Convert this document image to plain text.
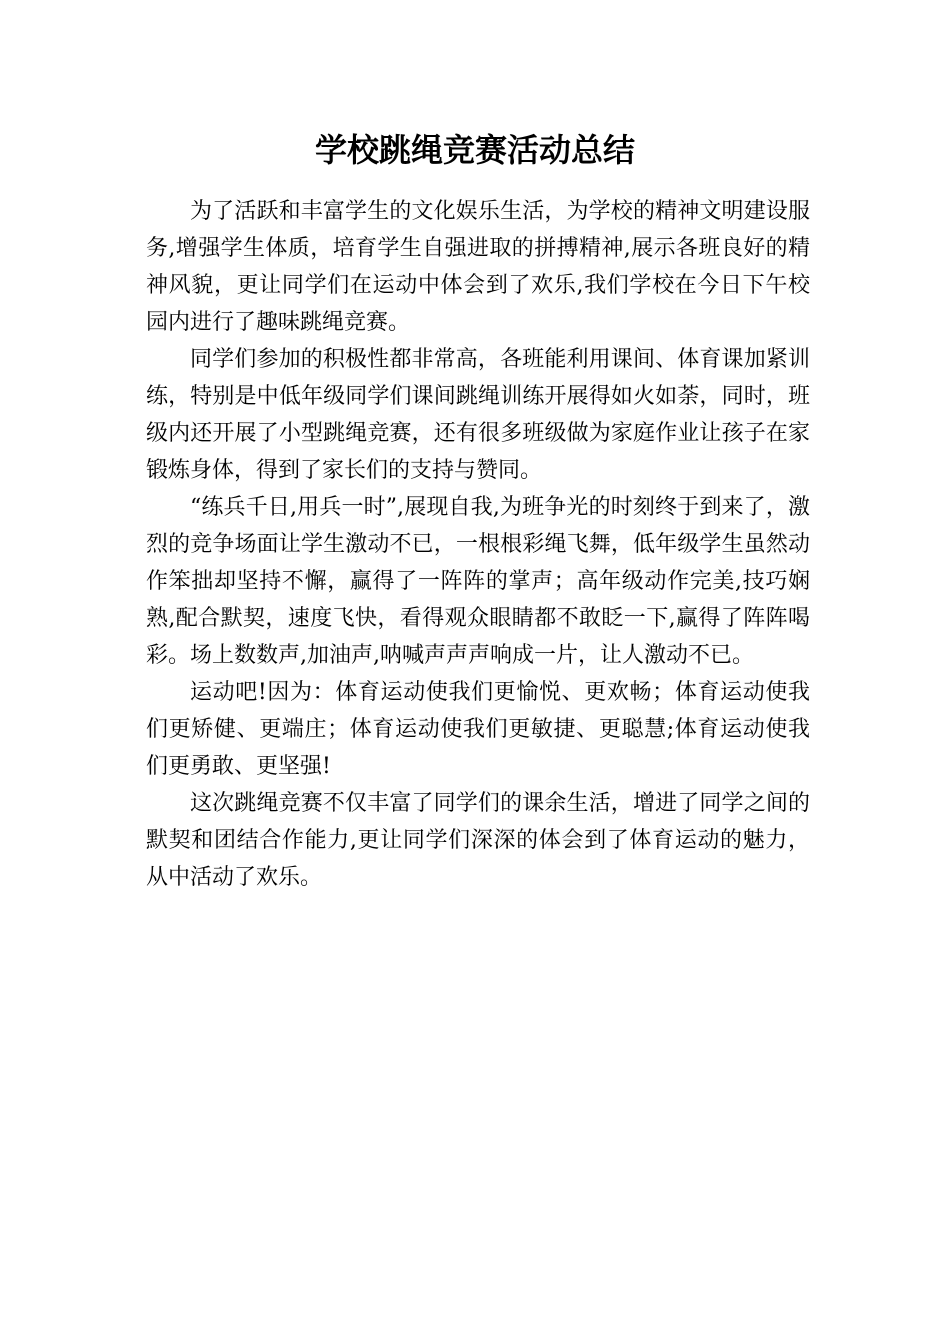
学校跳绳竞赛活动总结

为了活跃和丰富学生的文化娱乐生活，为学校的精神文明建设服务,增强学生体质，培育学生自强进取的拼搏精神,展示各班良好的精神风貌，更让同学们在运动中体会到了欢乐,我们学校在今日下午校园内进行了趣味跳绳竞赛。

同学们参加的积极性都非常高，各班能利用课间、体育课加紧训练，特别是中低年级同学们课间跳绳训练开展得如火如荼，同时，班级内还开展了小型跳绳竞赛，还有很多班级做为家庭作业让孩子在家锻炼身体，得到了家长们的支持与赞同。

“练兵千日,用兵一时”,展现自我,为班争光的时刻终于到来了，激烈的竞争场面让学生激动不已，一根根彩绳飞舞，低年级学生虽然动作笨拙却坚持不懈，赢得了一阵阵的掌声；高年级动作完美,技巧娴熟,配合默契，速度飞快，看得观众眼睛都不敢眨一下,赢得了阵阵喝彩。场上数数声,加油声,呐喊声声声响成一片，让人激动不已。

运动吧!因为：体育运动使我们更愉悦、更欢畅；体育运动使我们更矫健、更端庄；体育运动使我们更敏捷、更聪慧;体育运动使我们更勇敢、更坚强!

这次跳绳竞赛不仅丰富了同学们的课余生活，增进了同学之间的默契和团结合作能力,更让同学们深深的体会到了体育运动的魅力，从中活动了欢乐。
